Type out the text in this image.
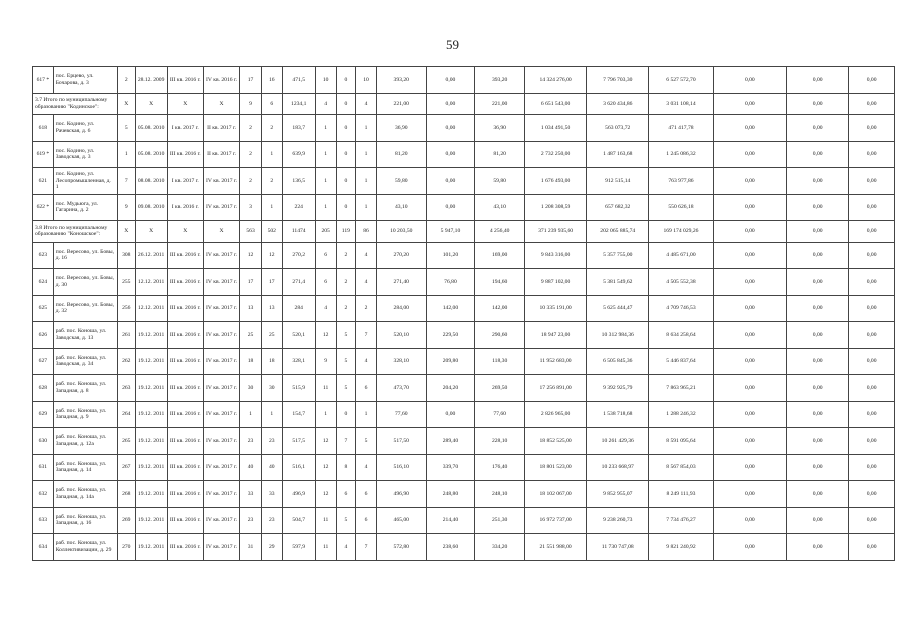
59
617 *	пос. Ерцево, ул. Бочарова, д. 3	2	28.12. 2009	III кв. 2016 г.	IV кв. 2016 г.	17	16	471,5	10	0	10	393,20	0,00	393,20	14 324 276,00	7 796 703,30	6 527 572,70	0,00	0,00	0,00
3.7 Итого по муниципальному образованию "Кодинское":		X	X	X	X	9	6	1234,1	4	0	4	221,00	0,00	221,00	6 651 543,00	3 620 434,86	3 031 108,14	0,00	0,00	0,00
618	пос. Кодино, ул. Рачевская, д. 6	5	05.08. 2010	I кв. 2017 г.	II кв. 2017 г.	2	2	183,7	1	0	1	36,90	0,00	36,90	1 034 491,50	563 073,72	471 417,78	0,00	0,00	0,00
619 *	пос. Кодино, ул. Заводская, д. 3	1	05.08. 2010	III кв. 2016 г.	II кв. 2017 г.	2	1	639,9	1	0	1	81,20	0,00	81,20	2 732 250,00	1 487 163,68	1 245 086,32	0,00	0,00	0,00
621	пос. Кодино, ул. Лесопромышленная, д. 1	7	08.08. 2010	I кв. 2017 г.	IV кв. 2017 г.	2	2	136,5	1	0	1	59,80	0,00	59,80	1 676 493,00	912 515,14	763 977,86	0,00	0,00	0,00
622 *	пос. Мудьюга, ул. Гагарина, д. 2	9	09.08. 2010	I кв. 2016 г.	IV кв. 2017 г.	3	1	224	1	0	1	43,10	0,00	43,10	1 208 308,59	657 682,32	550 626,18	0,00	0,00	0,00
3.8 Итого по муниципальному образованию "Коношское":		X	X	X	X	563	502	11474	205	119	86	10 203,50	5 947,10	4 256,40	371 239 935,60	202 065 885,74	169 174 029,26	0,00	0,00	0,00
623	пос. Вересово, ул. Бовы, д. 16	308	26.12. 2011	III кв. 2016 г.	IV кв. 2017 г.	12	12	270,2	6	2	4	270,20	101,20	169,00	9 843 316,00	5 357 755,00	4 485 671,00	0,00	0,00	0,00
624	пос. Вересово, ул. Бовы, д. 30	255	12.12. 2011	III кв. 2016 г.	IV кв. 2017 г.	17	17	271,4	6	2	4	271,40	76,80	194,60	9 887 102,00	5 381 549,62	4 505 552,38	0,00	0,00	0,00
625	пос. Вересово, ул. Бовы, д. 32	256	12.12. 2011	III кв. 2016 г.	IV кв. 2017 г.	13	13	284	4	2	2	284,00	142,00	142,00	10 335 191,00	5 625 444,47	4 709 746,53	0,00	0,00	0,00
626	раб. пос. Коноша, ул. Заводская, д. 13	261	19.12. 2011	III кв. 2016 г.	IV кв. 2017 г.	25	25	520,1	12	5	7	520,10	229,50	290,60	18 947 23,00	10 312 984,36	8 634 258,64	0,00	0,00	0,00
627	раб. пос. Коноша, ул. Заводская, д. 34	262	19.12. 2011	III кв. 2016 г.	IV кв. 2017 г.	18	18	328,1	9	5	4	328,10	209,80	118,30	11 952 683,00	6 505 845,36	5 446 837,64	0,00	0,00	0,00
628	раб. пос. Коноша, ул. Западная, д. 8	263	19.12. 2011	III кв. 2016 г.	IV кв. 2017 г.	30	30	515,9	11	5	6	473,70	204,20	269,50	17 256 891,00	9 392 925,79	7 863 965,21	0,00	0,00	0,00
629	раб. пос. Коноша, ул. Западная, д. 9	264	19.12. 2011	III кв. 2016 г.	IV кв. 2017 г.	1	1	154,7	1	0	1	77,60	0,00	77,60	2 826 965,00	1 538 718,68	1 288 246,32	0,00	0,00	0,00
630	раб. пос. Коноша, ул. Западная, д. 12а	265	19.12. 2011	III кв. 2016 г.	IV кв. 2017 г.	23	23	517,5	12	7	5	517,50	289,40	228,10	18 852 525,00	10 261 429,36	8 591 095,64	0,00	0,00	0,00
631	раб. пос. Коноша, ул. Западная, д. 14	267	19.12. 2011	III кв. 2016 г.	IV кв. 2017 г.	40	40	516,1	12	8	4	516,10	339,70	176,40	18 801 523,00	10 233 668,97	8 567 854,03	0,00	0,00	0,00
632	раб. пос. Коноша, ул. Западная, д. 14а	268	19.12. 2011	III кв. 2016 г.	IV кв. 2017 г.	33	33	496,9	12	6	6	496,90	248,80	248,10	18 102 067,00	9 852 955,07	8 249 111,93	0,00	0,00	0,00
633	раб. пос. Коноша, ул. Западная, д. 16	269	19.12. 2011	III кв. 2016 г.	IV кв. 2017 г.	23	23	504,7	11	5	6	465,00	214,40	251,30	16 972 737,00	9 238 260,73	7 734 476,27	0,00	0,00	0,00
634	раб. пос. Коноша, ул. Коллективизации, д. 29	270	19.12. 2011	III кв. 2016 г.	IV кв. 2017 г.	31	29	597,9	11	4	7	572,80	238,60	334,20	21 551 988,00	11 730 747,08	9 821 240,92	0,00	0,00	0,00
